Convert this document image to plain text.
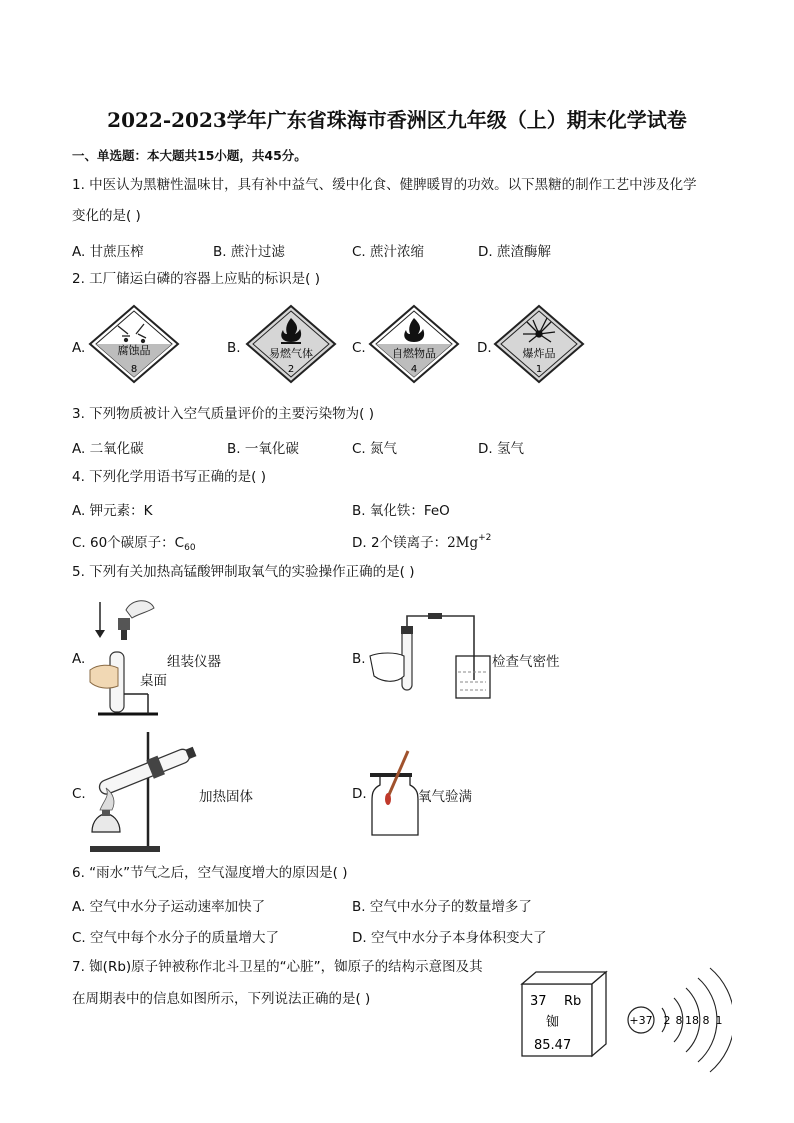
2022-2023学年广东省珠海市香洲区九年级（上）期末化学试卷
一、单选题：本大题共15小题，共45分。
1. 中医认为黑糖性温味甘，具有补中益气、缓中化食、健脾暖胃的功效。以下黑糖的制作工艺中涉及化学
变化的是( )
A. 甘蔗压榨	B. 蔗汁过滤	C. 蔗汁浓缩	D. 蔗渣酶解
2. 工厂储运白磷的容器上应贴的标识是( )
A.	B.	C.	D.
腐蚀品
8
易燃气体
2
自燃物品
4
爆炸品
1
3. 下列物质被计入空气质量评价的主要污染物为( )
A. 二氧化碳	B. 一氧化碳	C. 氮气	D. 氢气
4. 下列化学用语书写正确的是( )
A. 钾元素：K	B. 氧化铁：FeO
C. 60个碳原子：$C_{60}$	D. 2个镁离子：$2Mg^{+2}$
5. 下列有关加热高锰酸钾制取氧气的实验操作正确的是( )
A.	组装仪器
桌面
B.	检查气密性
C.	加热固体	D.	氧气验满
6. “雨水”节气之后，空气湿度增大的原因是( )
A. 空气中水分子运动速率加快了	B. 空气中水分子的数量增多了
C. 空气中每个水分子的质量增大了	D. 空气中水分子本身体积变大了
7. 铷(Rb)原子钟被称作北斗卫星的“心脏”，铷原子的结构示意图及其
在周期表中的信息如图所示，下列说法正确的是( )	37 Rb
铷
85.47
+37 2 8 18 8 1
